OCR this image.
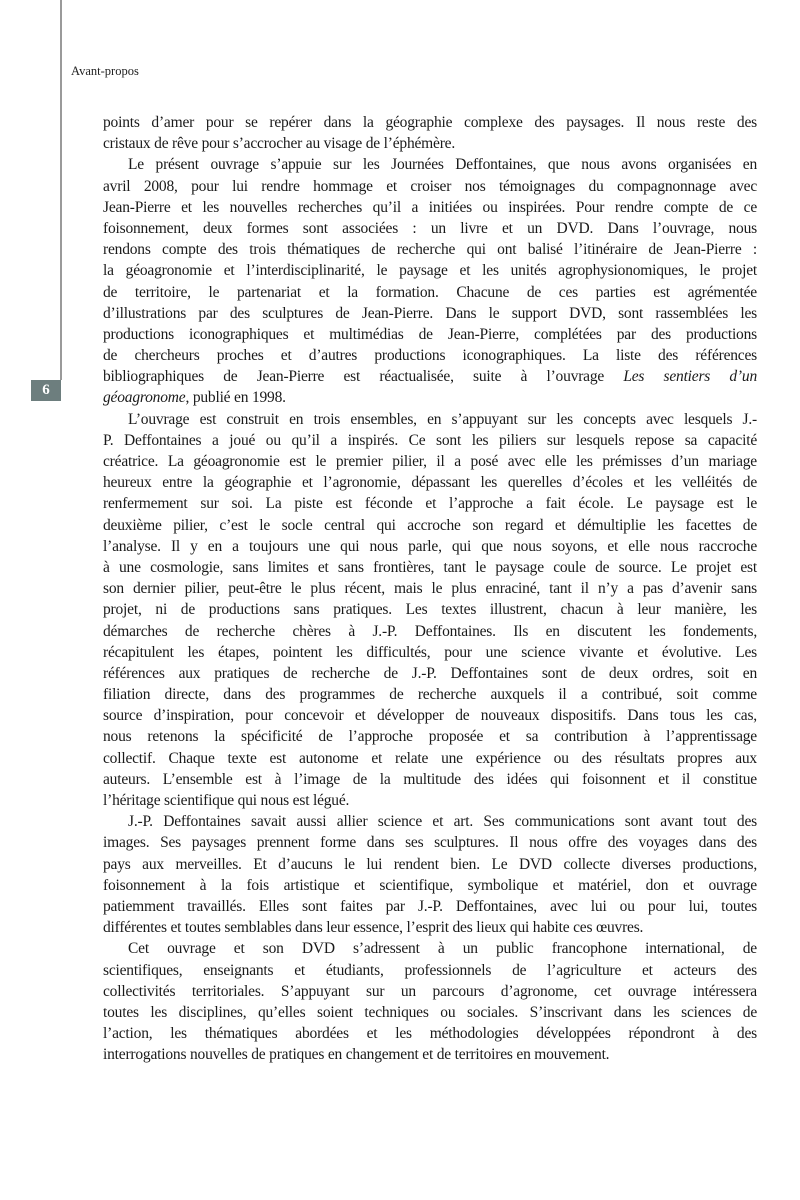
Avant-propos
6
points d’amer pour se repérer dans la géographie complexe des paysages. Il nous reste des
cristaux de rêve pour s’accrocher au visage de l’éphémère.
Le présent ouvrage s’appuie sur les Journées Deffontaines, que nous avons organisées en
avril 2008, pour lui rendre hommage et croiser nos témoignages du compagnonnage avec
Jean-Pierre et les nouvelles recherches qu’il a initiées ou inspirées. Pour rendre compte de ce
foisonnement, deux formes sont associées : un livre et un DVD. Dans l’ouvrage, nous
rendons compte des trois thématiques de recherche qui ont balisé l’itinéraire de Jean-Pierre :
la géoagronomie et l’interdisciplinarité, le paysage et les unités agrophysionomiques, le projet
de territoire, le partenariat et la formation. Chacune de ces parties est agrémentée
d’illustrations par des sculptures de Jean-Pierre. Dans le support DVD, sont rassemblées les
productions iconographiques et multimédias de Jean-Pierre, complétées par des productions
de chercheurs proches et d’autres productions iconographiques. La liste des références
bibliographiques de Jean-Pierre est réactualisée, suite à l’ouvrage Les sentiers d’un
géoagronome, publié en 1998.
L’ouvrage est construit en trois ensembles, en s’appuyant sur les concepts avec lesquels J.-
P. Deffontaines a joué ou qu’il a inspirés. Ce sont les piliers sur lesquels repose sa capacité
créatrice. La géoagronomie est le premier pilier, il a posé avec elle les prémisses d’un mariage
heureux entre la géographie et l’agronomie, dépassant les querelles d’écoles et les velléités de
renfermement sur soi. La piste est féconde et l’approche a fait école. Le paysage est le
deuxième pilier, c’est le socle central qui accroche son regard et démultiplie les facettes de
l’analyse. Il y en a toujours une qui nous parle, qui que nous soyons, et elle nous raccroche
à une cosmologie, sans limites et sans frontières, tant le paysage coule de source. Le projet est
son dernier pilier, peut-être le plus récent, mais le plus enraciné, tant il n’y a pas d’avenir sans
projet, ni de productions sans pratiques. Les textes illustrent, chacun à leur manière, les
démarches de recherche chères à J.-P. Deffontaines. Ils en discutent les fondements,
récapitulent les étapes, pointent les difficultés, pour une science vivante et évolutive. Les
références aux pratiques de recherche de J.-P. Deffontaines sont de deux ordres, soit en
filiation directe, dans des programmes de recherche auxquels il a contribué, soit comme
source d’inspiration, pour concevoir et développer de nouveaux dispositifs. Dans tous les cas,
nous retenons la spécificité de l’approche proposée et sa contribution à l’apprentissage
collectif. Chaque texte est autonome et relate une expérience ou des résultats propres aux
auteurs. L’ensemble est à l’image de la multitude des idées qui foisonnent et il constitue
l’héritage scientifique qui nous est légué.
J.-P. Deffontaines savait aussi allier science et art. Ses communications sont avant tout des
images. Ses paysages prennent forme dans ses sculptures. Il nous offre des voyages dans des
pays aux merveilles. Et d’aucuns le lui rendent bien. Le DVD collecte diverses productions,
foisonnement à la fois artistique et scientifique, symbolique et matériel, don et ouvrage
patiemment travaillés. Elles sont faites par J.-P. Deffontaines, avec lui ou pour lui, toutes
différentes et toutes semblables dans leur essence, l’esprit des lieux qui habite ces œuvres.
Cet ouvrage et son DVD s’adressent à un public francophone international, de
scientifiques, enseignants et étudiants, professionnels de l’agriculture et acteurs des
collectivités territoriales. S’appuyant sur un parcours d’agronome, cet ouvrage intéressera
toutes les disciplines, qu’elles soient techniques ou sociales. S’inscrivant dans les sciences de
l’action, les thématiques abordées et les méthodologies développées répondront à des
interrogations nouvelles de pratiques en changement et de territoires en mouvement.
